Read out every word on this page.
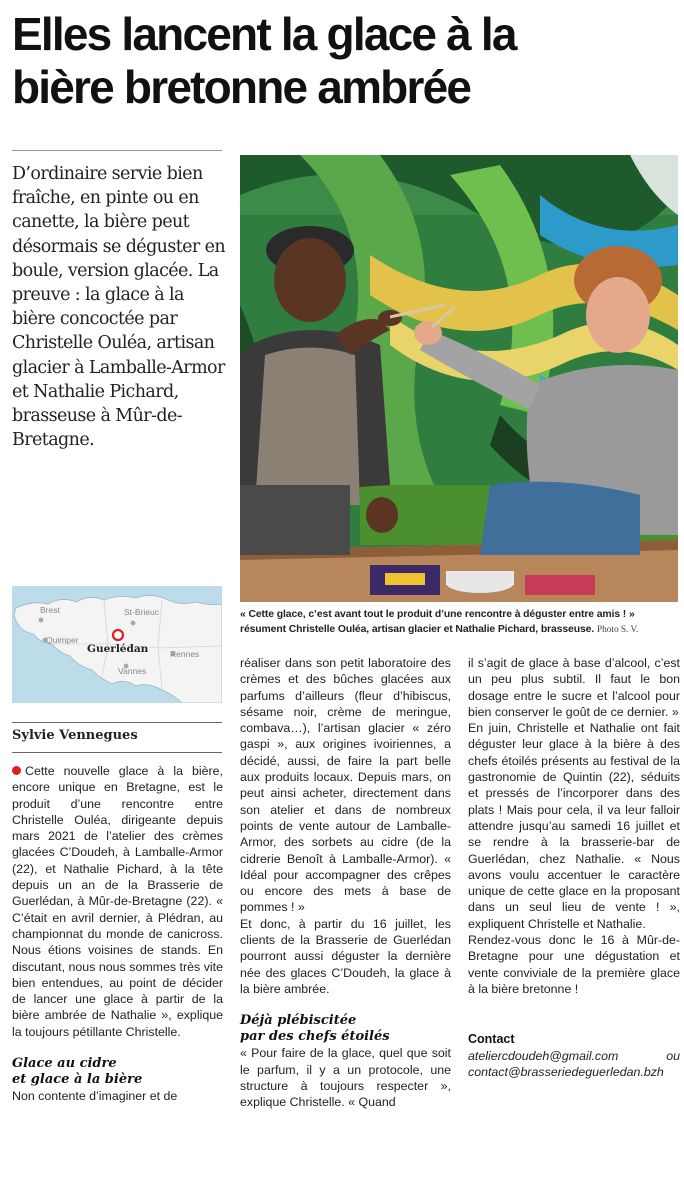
Elles lancent la glace à la
bière bretonne ambrée

D’ordinaire servie bien fraîche, en pinte ou en canette, la bière peut désormais se déguster en boule, version glacée. La preuve : la glace à la bière concoctée par Christelle Ouléa, artisan glacier à Lamballe-Armor et Nathalie Pichard, brasseuse à Mûr-de-Bretagne.

« Cette glace, c’est avant tout le produit d’une rencontre à déguster entre amis ! » résument Christelle Ouléa, artisan glacier et Nathalie Pichard, brasseuse. Photo S. V.

Brest
Quimper
St-Brieuc
Guerlédan
Vannes
Rennes

Sylvie Vennegues

Cette nouvelle glace à la bière, encore unique en Bretagne, est le produit d’une rencontre entre Christelle Ouléa, dirigeante depuis mars 2021 de l’atelier des crèmes glacées C’Doudeh, à Lamballe-Armor (22), et Nathalie Pichard, à la tête depuis un an de la Brasserie de Guerlédan, à Mûr-de-Bretagne (22). « C’était en avril dernier, à Plédran, au championnat du monde de canicross. Nous étions voisines de stands. En discutant, nous nous sommes très vite bien entendues, au point de décider de lancer une glace à partir de la bière ambrée de Nathalie », explique la toujours pétillante Christelle.

Glace au cidre
et glace à la bière

Non contente d’imaginer et de

réaliser dans son petit laboratoire des crèmes et des bûches glacées aux parfums d’ailleurs (fleur d’hibiscus, sésame noir, crème de meringue, combava…), l’artisan glacier « zéro gaspi », aux origines ivoiriennes, a décidé, aussi, de faire la part belle aux produits locaux. Depuis mars, on peut ainsi acheter, directement dans son atelier et dans de nombreux points de vente autour de Lamballe-Armor, des sorbets au cidre (de la cidrerie Benoît à Lamballe-Armor). « Idéal pour accompagner des crêpes ou encore des mets à base de pommes ! »

Et donc, à partir du 16 juillet, les clients de la Brasserie de Guerlédan pourront aussi déguster la dernière née des glaces C’Doudeh, la glace à la bière ambrée.

Déjà plébiscitée
par des chefs étoilés

« Pour faire de la glace, quel que soit le parfum, il y a un protocole, une structure à toujours respecter », explique Christelle. « Quand

il s’agit de glace à base d’alcool, c’est un peu plus subtil. Il faut le bon dosage entre le sucre et l’alcool pour bien conserver le goût de ce dernier. »

En juin, Christelle et Nathalie ont fait déguster leur glace à la bière à des chefs étoilés présents au festival de la gastronomie de Quintin (22), séduits et pressés de l’incorporer dans des plats ! Mais pour cela, il va leur falloir attendre jusqu’au samedi 16 juillet et se rendre à la brasserie-bar de Guerlédan, chez Nathalie. « Nous avons voulu accentuer le caractère unique de cette glace en la proposant dans un seul lieu de vente ! », expliquent Christelle et Nathalie.

Rendez-vous donc le 16 à Mûr-de-Bretagne pour une dégustation et vente conviviale de la première glace à la bière bretonne !

Contact

ateliercdoudeh@gmail.com ou contact@brasseriedeguerledan.bzh
